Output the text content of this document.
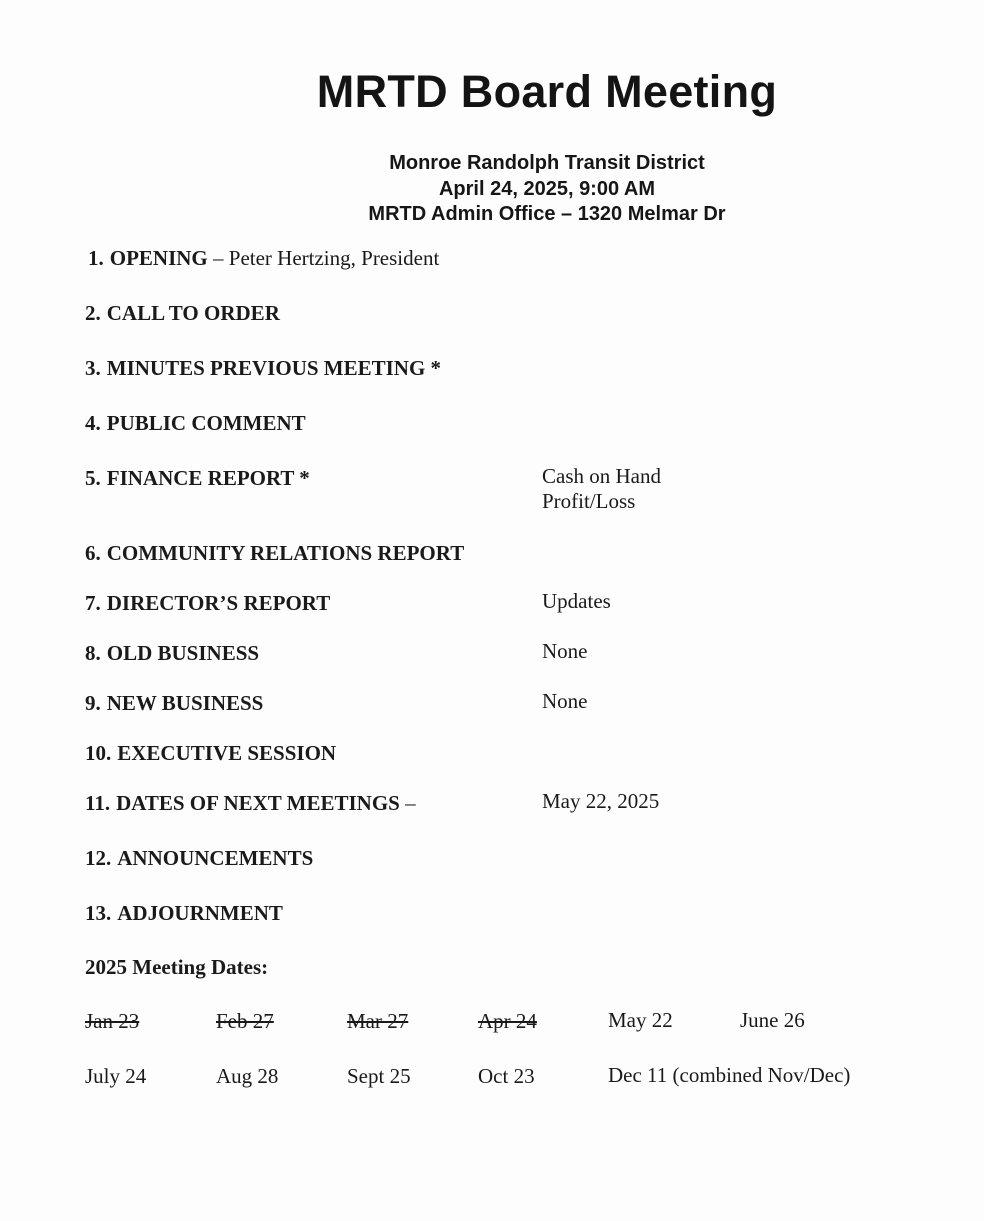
MRTD Board Meeting
Monroe Randolph Transit District
April 24, 2025, 9:00 AM
MRTD Admin Office – 1320 Melmar Dr
1. OPENING – Peter Hertzing, President
2. CALL TO ORDER
3. MINUTES PREVIOUS MEETING *
4. PUBLIC COMMENT
5. FINANCE REPORT *	Cash on Hand
Profit/Loss
6. COMMUNITY RELATIONS REPORT
7. DIRECTOR’S REPORT	Updates
8. OLD BUSINESS	None
9. NEW BUSINESS	None
10. EXECUTIVE SESSION
11. DATES OF NEXT MEETINGS –	May 22, 2025
12. ANNOUNCEMENTS
13. ADJOURNMENT
2025 Meeting Dates:
Jan 23	Feb 27	Mar 27	Apr 24	May 22	June 26
July 24	Aug 28	Sept 25	Oct 23	Dec 11 (combined Nov/Dec)
